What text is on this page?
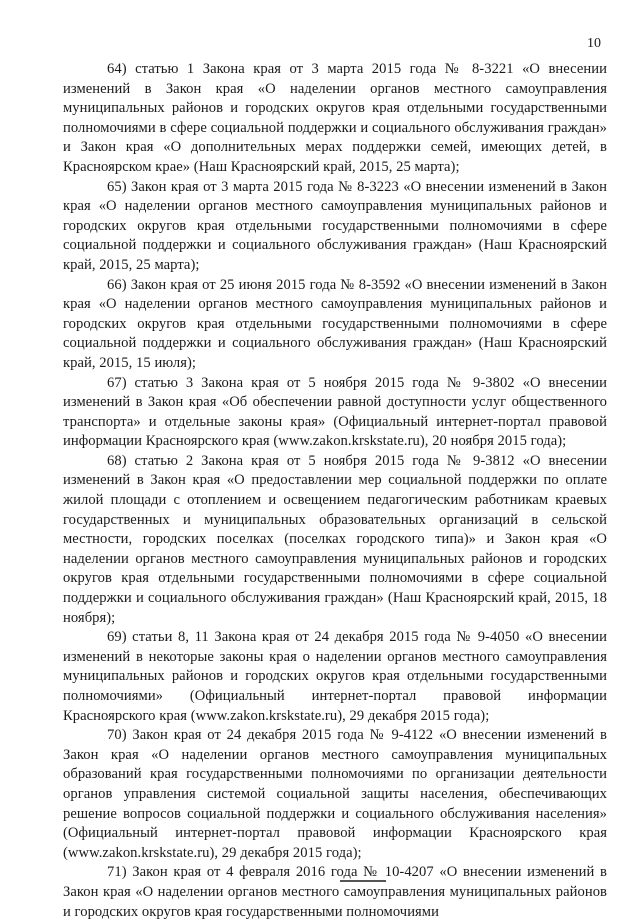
10

64) статью 1 Закона края от 3 марта 2015 года № 8-3221 «О внесении изменений в Закон края «О наделении органов местного самоуправления муниципальных районов и городских округов края отдельными государственными полномочиями в сфере социальной поддержки и социального обслуживания граждан» и Закон края «О дополнительных мерах поддержки семей, имеющих детей, в Красноярском крае» (Наш Красноярский край, 2015, 25 марта);

65) Закон края от 3 марта 2015 года № 8-3223 «О внесении изменений в Закон края «О наделении органов местного самоуправления муниципальных районов и городских округов края отдельными государственными полномочиями в сфере социальной поддержки и социального обслуживания граждан» (Наш Красноярский край, 2015, 25 марта);

66) Закон края от 25 июня 2015 года № 8-3592 «О внесении изменений в Закон края «О наделении органов местного самоуправления муниципальных районов и городских округов края отдельными государственными полномочиями в сфере социальной поддержки и социального обслуживания граждан» (Наш Красноярский край, 2015, 15 июля);

67) статью 3 Закона края от 5 ноября 2015 года № 9-3802 «О внесении изменений в Закон края «Об обеспечении равной доступности услуг общественного транспорта» и отдельные законы края» (Официальный интернет-портал правовой информации Красноярского края (www.zakon.krskstate.ru), 20 ноября 2015 года);

68) статью 2 Закона края от 5 ноября 2015 года № 9-3812 «О внесении изменений в Закон края «О предоставлении мер социальной поддержки по оплате жилой площади с отоплением и освещением педагогическим работникам краевых государственных и муниципальных образовательных организаций в сельской местности, городских поселках (поселках городского типа)» и Закон края «О наделении органов местного самоуправления муниципальных районов и городских округов края отдельными государственными полномочиями в сфере социальной поддержки и социального обслуживания граждан» (Наш Красноярский край, 2015, 18 ноября);

69) статьи 8, 11 Закона края от 24 декабря 2015 года № 9-4050 «О внесении изменений в некоторые законы края о наделении органов местного самоуправления муниципальных районов и городских округов края отдельными государственными полномочиями» (Официальный интернет-портал правовой информации Красноярского края (www.zakon.krskstate.ru), 29 декабря 2015 года);

70) Закон края от 24 декабря 2015 года № 9-4122 «О внесении изменений в Закон края «О наделении органов местного самоуправления муниципальных образований края государственными полномочиями по организации деятельности органов управления системой социальной защиты населения, обеспечивающих решение вопросов социальной поддержки и социального обслуживания населения» (Официальный интернет-портал правовой информации Красноярского края (www.zakon.krskstate.ru), 29 декабря 2015 года);

71) Закон края от 4 февраля 2016 года № 10-4207 «О внесении изменений в Закон края «О наделении органов местного самоуправления муниципальных районов и городских округов края государственными полномочиями
